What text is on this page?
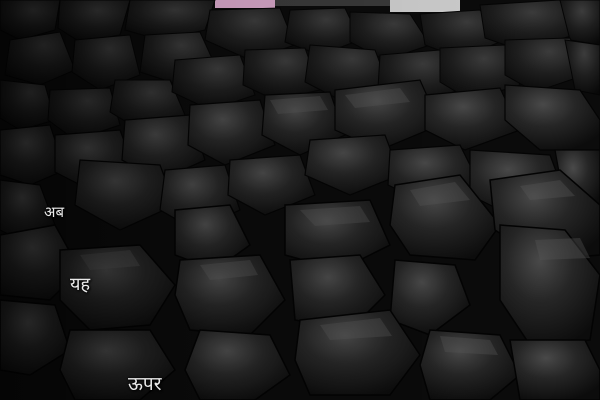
अब
यह
ऊपर
